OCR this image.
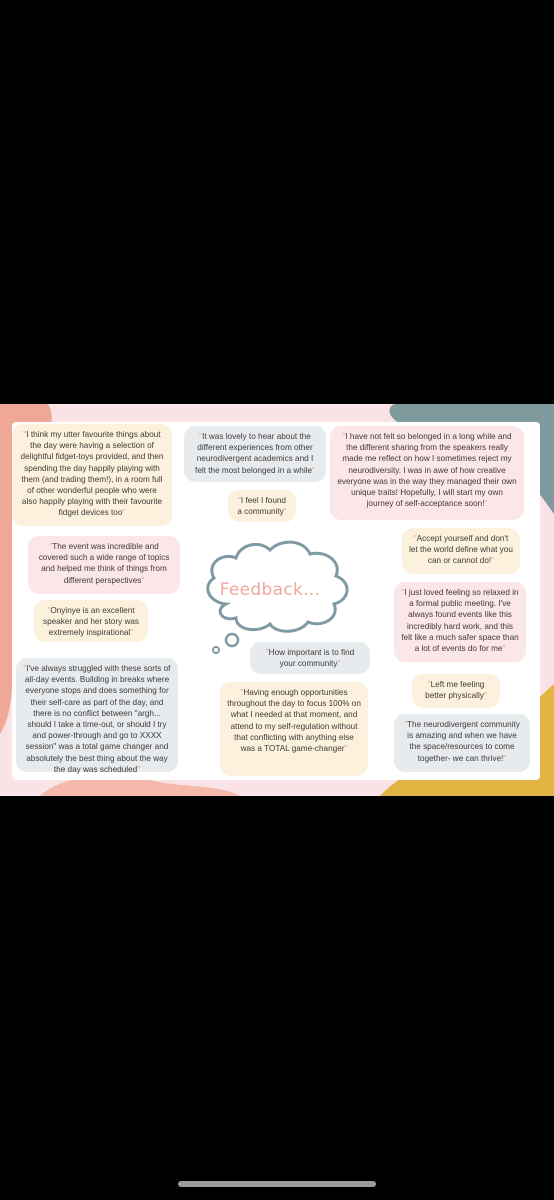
Feedback...
"I think my utter favourite things about the day were having a selection of delightful fidget-toys provided, and then spending the day happily playing with them (and trading them!), in a room full of other wonderful people who were also happily playing with their favourite fidget devices too"
"It was lovely to hear about the different experiences from other neurodivergent academics and I felt the most belonged in a while"
"I feel I found a community"
"I have not felt so belonged in a long while and the different sharing from the speakers really made me reflect on how I sometimes reject my neurodiversity. I was in awe of how creative everyone was in the way they managed their own unique traits! Hopefully, I will start my own journey of self-acceptance soon!"
"The event was incredible and covered such a wide range of topics and helped me think of things from different perspectives"
"Onyinye is an excellent speaker and her story was extremely inspirational"
"Accept yourself and don't let the world define what you can or cannot do!"
"I just loved feeling so relaxed in a formal public meeting. I've always found events like this incredibly hard work, and this felt like a much safer space than a lot of events do for me"
"How important is to find your community"
"I've always struggled with these sorts of all-day events. Building in breaks where everyone stops and does something for their self-care as part of the day, and there is no conflict between "argh... should I take a time-out, or should I try and power-through and go to XXXX session" was a total game changer and absolutely the best thing about the way the day was scheduled"
"Left me feeling better physically"
"Having enough opportunities throughout the day to focus 100% on what I needed at that moment, and attend to my self-regulation without that conflicting with anything else was a TOTAL game-changer"
"The neurodivergent community is amazing and when we have the space/resources to come together- we can thrive!"
